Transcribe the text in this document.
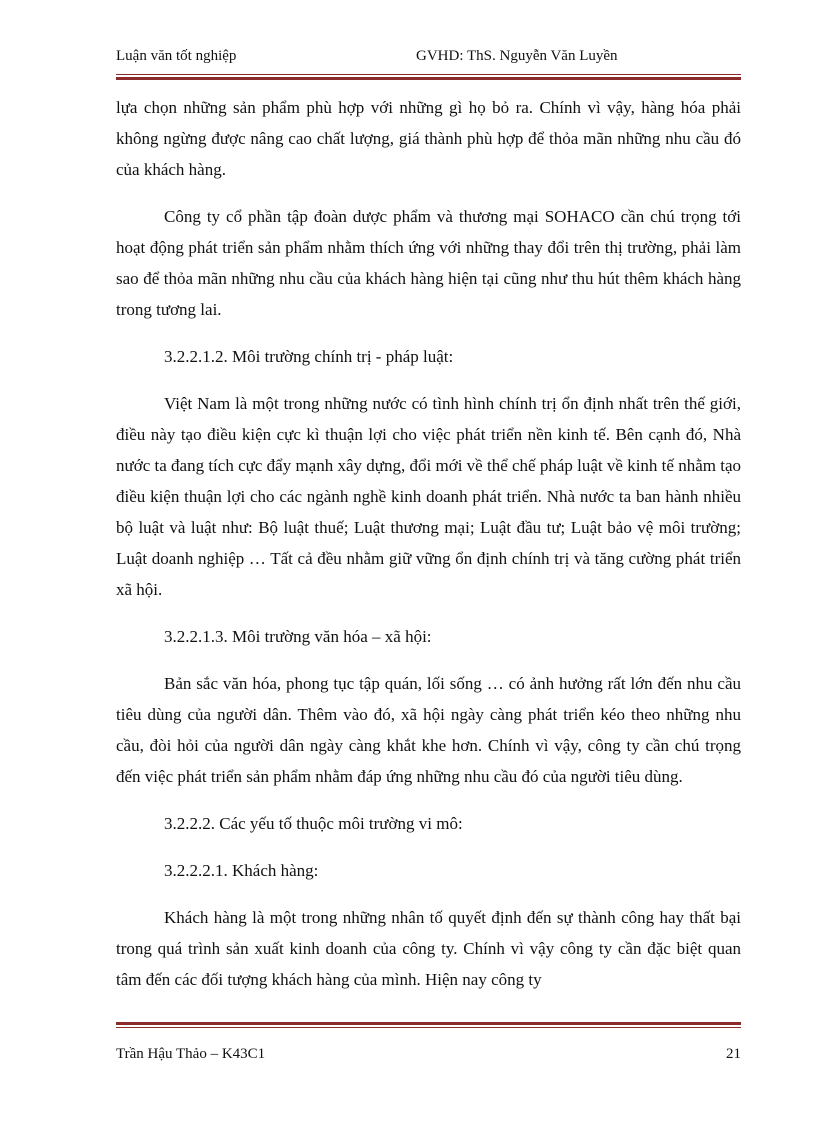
Luận văn tốt nghiệp	GVHD: ThS. Nguyễn Văn Luyền

lựa chọn những sản phẩm phù hợp với những gì họ bỏ ra. Chính vì vậy, hàng hóa phải không ngừng được nâng cao chất lượng, giá thành phù hợp để thỏa mãn những nhu cầu đó của khách hàng.

Công ty cổ phần tập đoàn dược phẩm và thương mại SOHACO cần chú trọng tới hoạt động phát triển sản phẩm nhằm thích ứng với những thay đổi trên thị trường, phải làm sao để thỏa mãn những nhu cầu của khách hàng hiện tại cũng như thu hút thêm khách hàng trong tương lai.

3.2.2.1.2. Môi trường chính trị - pháp luật:

Việt Nam là một trong những nước có tình hình chính trị ổn định nhất trên thế giới, điều này tạo điều kiện cực kì thuận lợi cho việc phát triển nền kinh tế. Bên cạnh đó, Nhà nước ta đang tích cực đẩy mạnh xây dựng, đổi mới về thể chế pháp luật về kinh tế nhằm tạo điều kiện thuận lợi cho các ngành nghề kinh doanh phát triển. Nhà nước ta ban hành nhiều bộ luật và luật như: Bộ luật thuế; Luật thương mại; Luật đầu tư; Luật bảo vệ môi trường; Luật doanh nghiệp … Tất cả đều nhằm giữ vững ổn định chính trị và tăng cường phát triển xã hội.

3.2.2.1.3. Môi trường văn hóa – xã hội:

Bản sắc văn hóa, phong tục tập quán, lối sống … có ảnh hưởng rất lớn đến nhu cầu tiêu dùng của người dân. Thêm vào đó, xã hội ngày càng phát triển kéo theo những nhu cầu, đòi hỏi của người dân ngày càng khắt khe hơn. Chính vì vậy, công ty cần chú trọng đến việc phát triển sản phẩm nhằm đáp ứng những nhu cầu đó của người tiêu dùng.

3.2.2.2. Các yếu tố thuộc môi trường vi mô:

3.2.2.2.1. Khách hàng:

Khách hàng là một trong những nhân tố quyết định đến sự thành công hay thất bại trong quá trình sản xuất kinh doanh của công ty. Chính vì vậy công ty cần đặc biệt quan tâm đến các đối tượng khách hàng của mình. Hiện nay công ty

Trần Hậu Thảo – K43C1	21
